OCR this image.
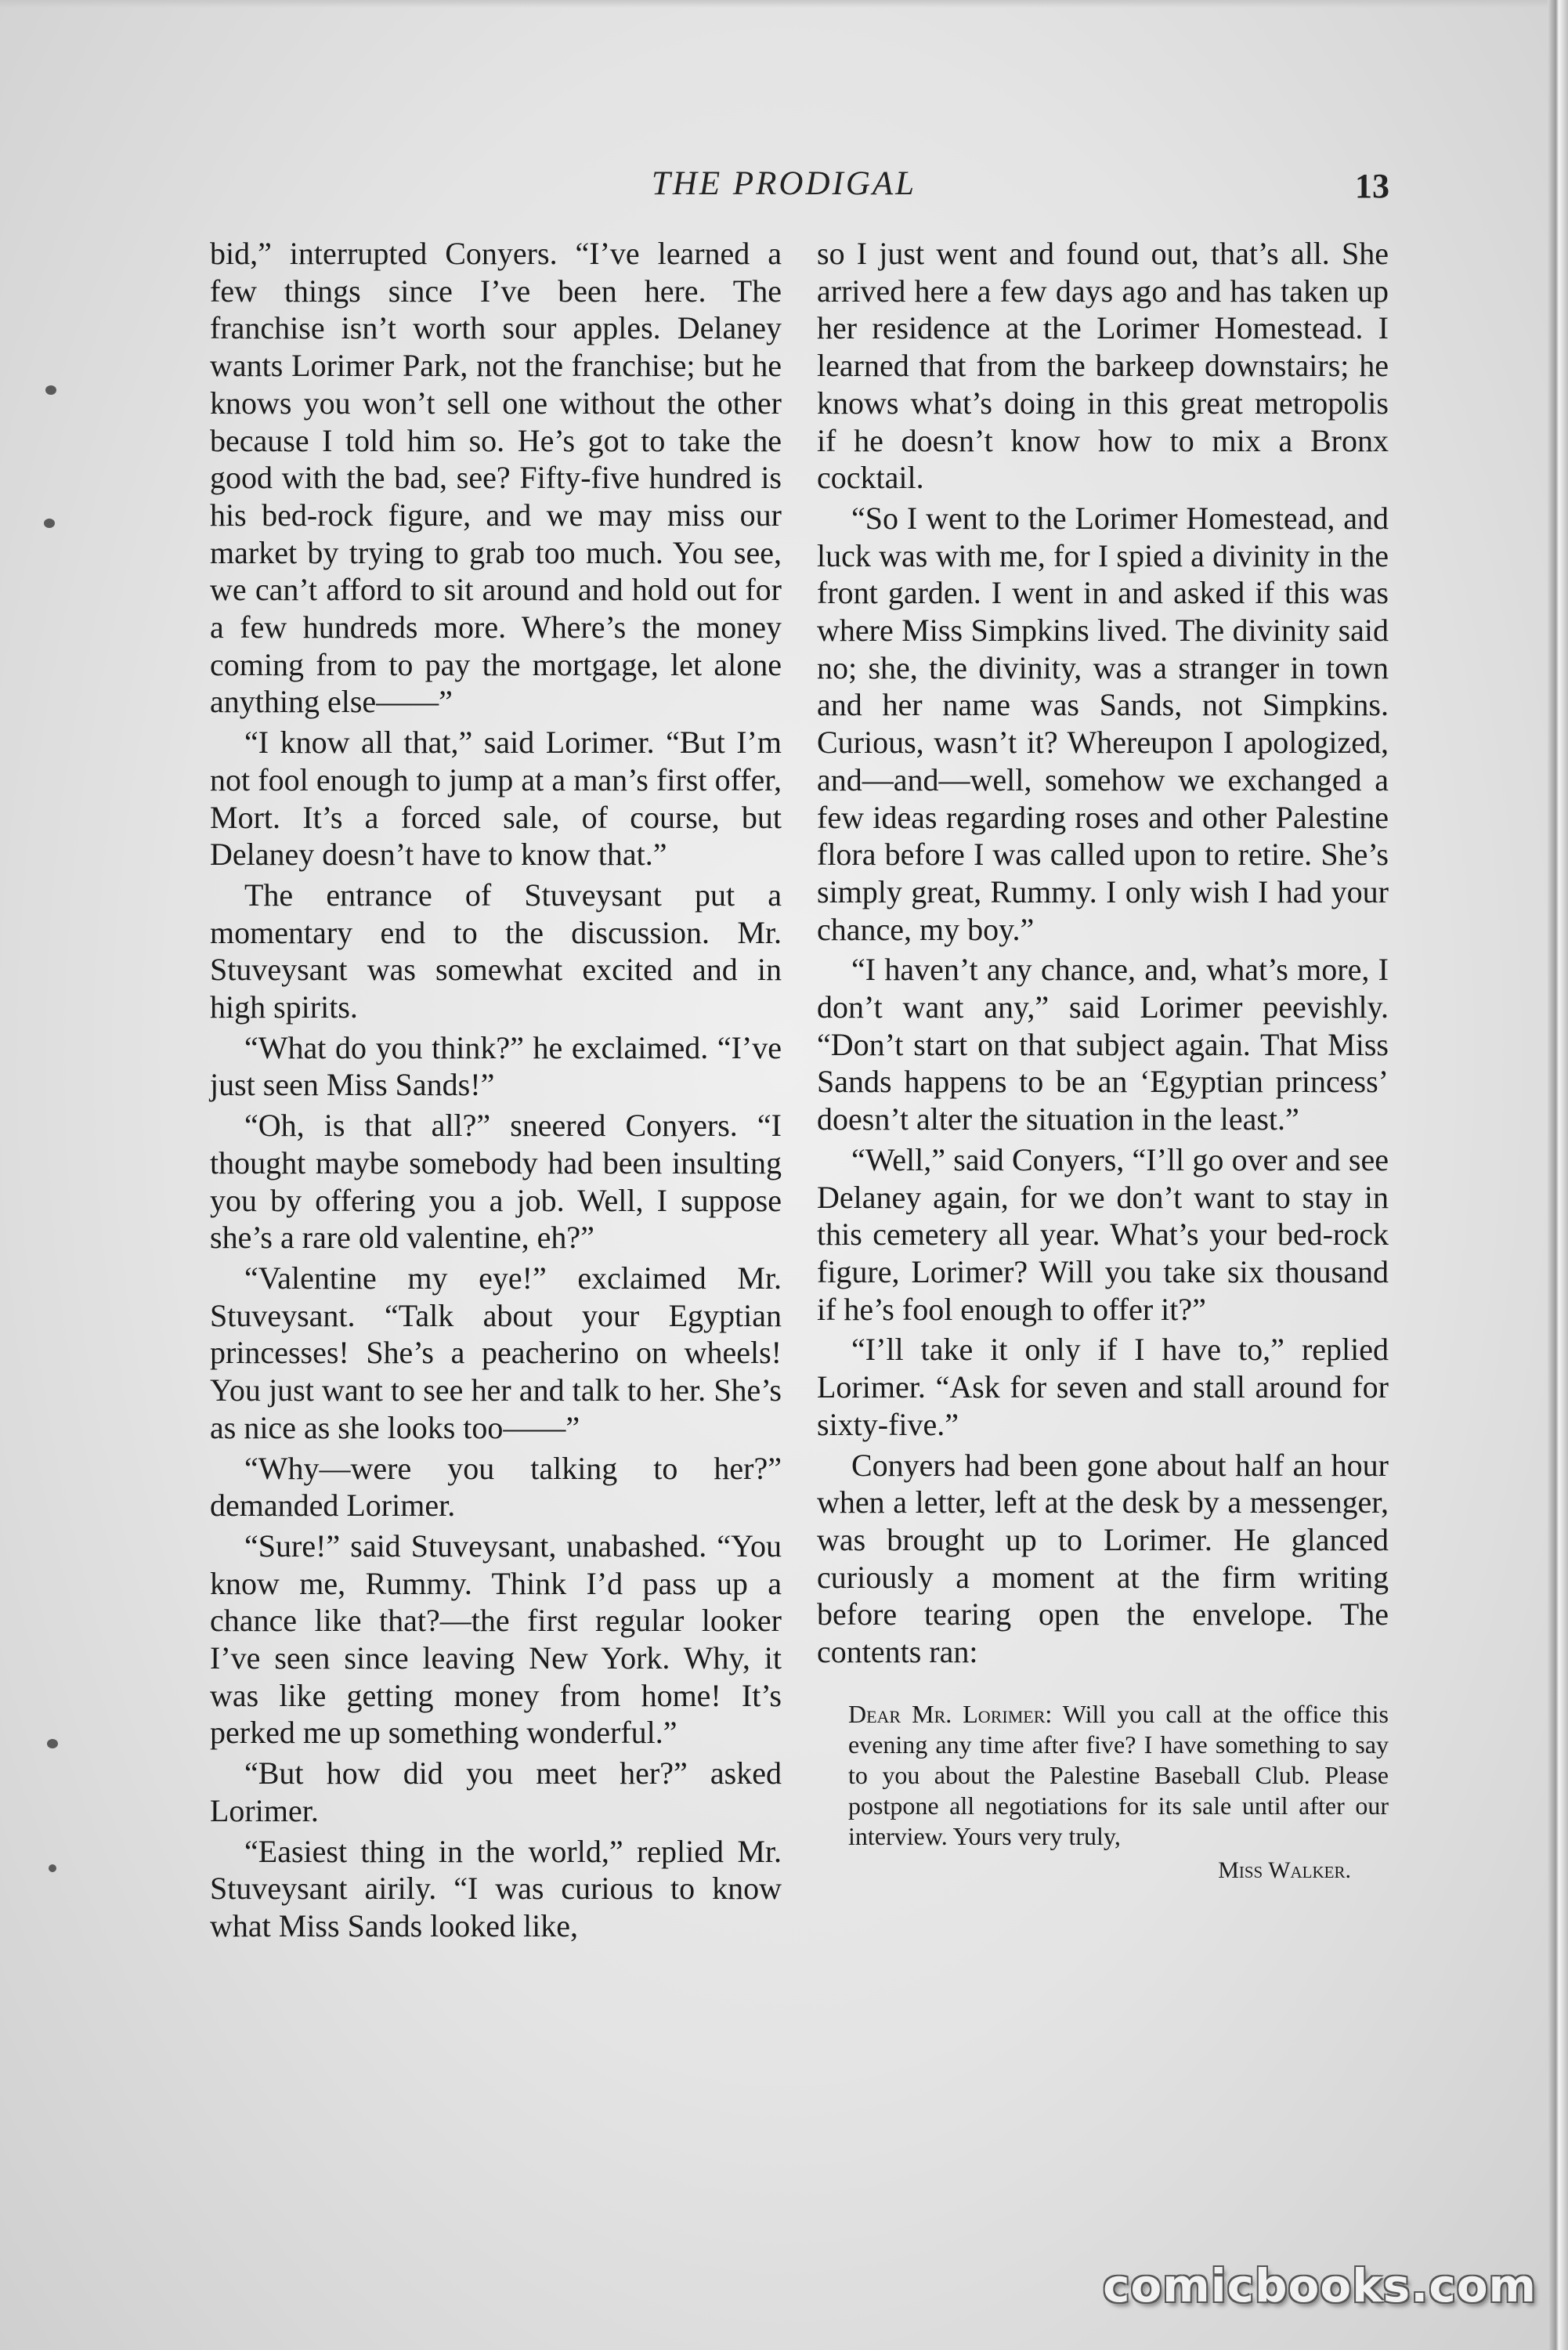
THE PRODIGAL	13

bid,” interrupted Conyers. “I’ve learned a few things since I’ve been here. The franchise isn’t worth sour apples. Delaney wants Lorimer Park, not the franchise; but he knows you won’t sell one without the other because I told him so. He’s got to take the good with the bad, see? Fifty-five hundred is his bed-rock figure, and we may miss our market by trying to grab too much. You see, we can’t afford to sit around and hold out for a few hundreds more. Where’s the money coming from to pay the mortgage, let alone anything else——”

“I know all that,” said Lorimer. “But I’m not fool enough to jump at a man’s first offer, Mort. It’s a forced sale, of course, but Delaney doesn’t have to know that.”

The entrance of Stuveysant put a momentary end to the discussion. Mr. Stuveysant was somewhat excited and in high spirits.

“What do you think?” he exclaimed. “I’ve just seen Miss Sands!”

“Oh, is that all?” sneered Conyers. “I thought maybe somebody had been insulting you by offering you a job. Well, I suppose she’s a rare old valentine, eh?”

“Valentine my eye!” exclaimed Mr. Stuveysant. “Talk about your Egyptian princesses! She’s a peacherino on wheels! You just want to see her and talk to her. She’s as nice as she looks too——”

“Why—were you talking to her?” demanded Lorimer.

“Sure!” said Stuveysant, unabashed. “You know me, Rummy. Think I’d pass up a chance like that?—the first regular looker I’ve seen since leaving New York. Why, it was like getting money from home! It’s perked me up something wonderful.”

“But how did you meet her?” asked Lorimer.

“Easiest thing in the world,” replied Mr. Stuveysant airily. “I was curious to know what Miss Sands looked like,

so I just went and found out, that’s all. She arrived here a few days ago and has taken up her residence at the Lorimer Homestead. I learned that from the barkeep downstairs; he knows what’s doing in this great metropolis if he doesn’t know how to mix a Bronx cocktail.

“So I went to the Lorimer Homestead, and luck was with me, for I spied a divinity in the front garden. I went in and asked if this was where Miss Simpkins lived. The divinity said no; she, the divinity, was a stranger in town and her name was Sands, not Simpkins. Curious, wasn’t it? Whereupon I apologized, and—and—well, somehow we exchanged a few ideas regarding roses and other Palestine flora before I was called upon to retire. She’s simply great, Rummy. I only wish I had your chance, my boy.”

“I haven’t any chance, and, what’s more, I don’t want any,” said Lorimer peevishly. “Don’t start on that subject again. That Miss Sands happens to be an ‘Egyptian princess’ doesn’t alter the situation in the least.”

“Well,” said Conyers, “I’ll go over and see Delaney again, for we don’t want to stay in this cemetery all year. What’s your bed-rock figure, Lorimer? Will you take six thousand if he’s fool enough to offer it?”

“I’ll take it only if I have to,” replied Lorimer. “Ask for seven and stall around for sixty-five.”

Conyers had been gone about half an hour when a letter, left at the desk by a messenger, was brought up to Lorimer. He glanced curiously a moment at the firm writing before tearing open the envelope. The contents ran:

Dear Mr. Lorimer: Will you call at the office this evening any time after five? I have something to say to you about the Palestine Baseball Club. Please postpone all negotiations for its sale until after our interview. Yours very truly,
Miss Walker.
comicbooks.com
